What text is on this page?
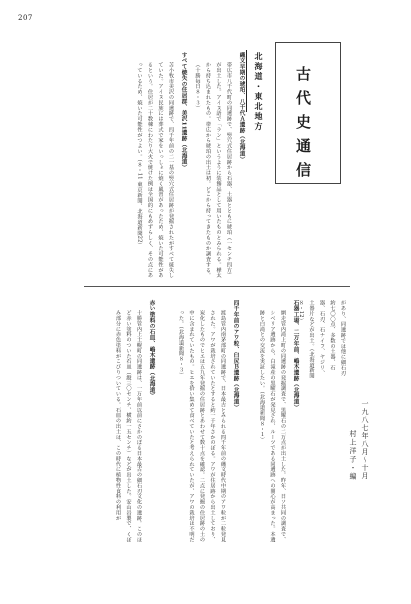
207
古代史通信
一九八七年八月～十月
村上洋子・編
北海道・東北地方
縄文早期の琥珀、八千代Ａ遺跡（北海道）
帯広市八千代町の同遺跡で、竪穴式住居跡から石器、土器とともに琥珀（一センチ四方）が出土した。アイヌ語で「ラン」というように装飾品として用いたものとみられる。樺太から持ち込まれたもの。帯広から琥珀の出土は初。どこから持ってきたものか調査する。（十勝毎日８・３）
すべて焼失の住居群、美沢11遺跡（北海道）
苫小牧市美沢の同遺跡で、四千年前の二一基の竪穴式住居跡が発掘されたがすべて焼失していた。アイヌ民族には葬式で家をいっしょに焼く風習があったため、焼いた可能性があるという。住居が二十数棟にわたり大火で焼けた例は全国的にもめずらしく、その点にあっているため、焼いた可能性がつよい。（８・11 東京新聞、北海道新聞22）
があり、同遺跡では他に細石刃約七〇〇点、多数の土器、石器、石刃、石ナイフ、ヤジリ、土器片などが出土。（北海道新聞８・12）
石器工場、二万年前、嶋木遺跡（北海道）
網走管内滝上町の同遺跡の発掘調査で、黒曜石の二万点が出土した。昨年、日ソ共同の調査で、シベリア遺跡から、白滝産の黒曜石が発見され、ルーツである同遺跡への関心が高まった。本遺跡と白滝との交流を実証したい。（北海道新聞８・１）
四千年前のアワ粒、臼尻Ｂ遺跡（北海道）
渡島管内南茅部町の同遺跡で、日本最古とみられる四千年前の縄文時代中期のアワ粒が二粒発見された。アワが栽培されていたとすると約一千年さかのぼる。アワが住居跡から出土しており、炭化したものでヒエは五九年発掘の住居跡とあわせて数十点を確認。二点に発掘の住居跡の土の中に含まれていたもの。ヒエを拾い集めて食べていたと考えられていたが、アワの栽培は不明だった。（北海道新聞８・３）
赤い塗料の石皿、嶋木遺跡（北海道）
十勝管内上士幌町の同遺跡は、一万年前以前にさかのぼる日本最古の細石刃文化の遺跡。このほど赤い塗料のついた石皿（縦三〇センチ、横約一五センチ）などが出土した。安山岩製で、くぼみ部分に赤色塗料がこびりついている。石皿の出土は、この時代に植物性食料の利用が
